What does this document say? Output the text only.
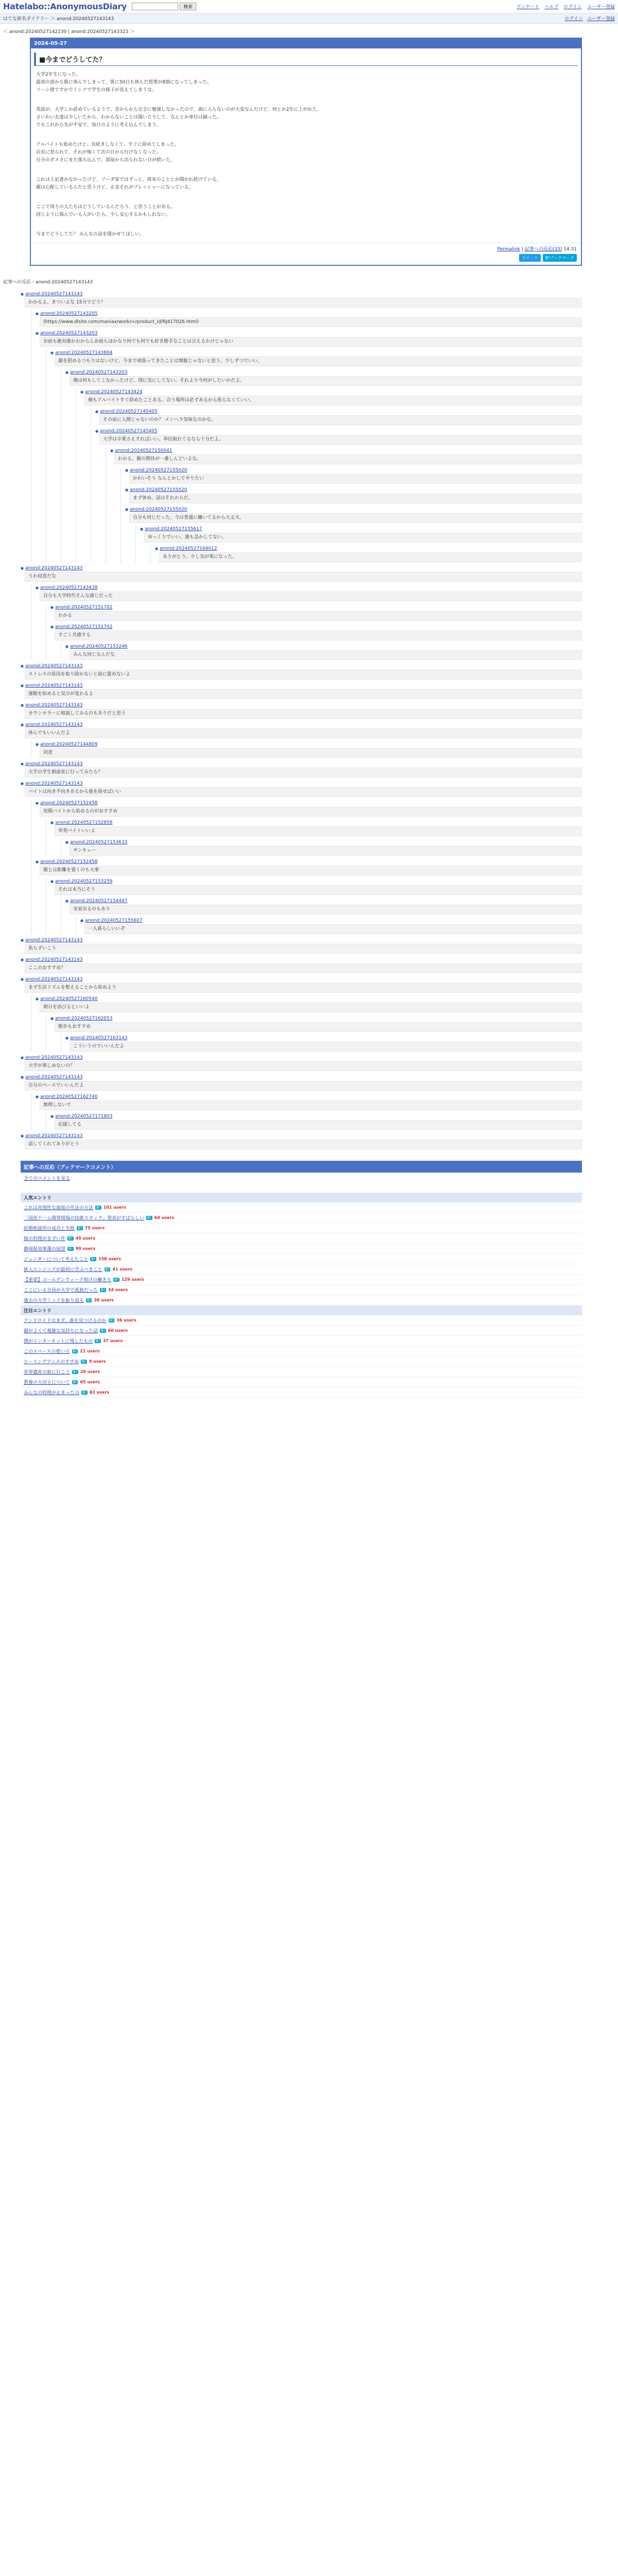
Hatelabo::AnonymousDiary	検索	アンケート ヘルプ ログイン ユーザー登録
はてな匿名ダイアリー ＞ anond:20240527143143	ログイン ユーザー登録
＜ anond:20240527142230 | anond:20240527143323 ＞
2024-05-27
■今までどうしてた？

大学2年生になった。

最初の波から既に休んでしまって、既に50日も休んだ授業が8割になってしまった。

ソーシ閉ですかでミシナで学生の様子が見えてしまうな。

英語が、大学しか読めているようで、昔からから完全に勉強しなかったので、頭に入らないのが大変なんだけど、何とか2年に上がれた。

さいわい友達は少しいたから、わからないことは聞いたりして、なんとか単位は揃った。

でもこれから先が不安で、毎日のように考え込んでしまう。

アルバイトも始めたけど、長続きしなくて、すぐに辞めてしまった。

店長に怒られて、それが怖くて次の日から行けなくなった。

自分のダメさにまた落ち込んで、部屋から出られない日が続いた。

これは上記書かなかったけど、ソーダ家ではずっと、将来のこととか聞かれ続けている。

親は心配しているんだと思うけど、正直それがプレッシャーになっている。

ここで周りの人たちはどうしているんだろう、と思うことがある。

同じように悩んでいる人がいたら、少し安心するかもしれない。

今までどうしてた？ みんなの話を聞かせてほしい。

Permalink | 記事への反応(33) 14:31
ツイート	B!ブックマーク
記事への反応 - anond:20240527143143
● anond:20240527143143
わかるよ。きついよな 15分でどう？
● anond:20240527143205
(https://www.dlsite.com/maniax/work/=/product_id/RJ417026.html)
● anond:20240527143203
お前も絶対誰かわからんお前らほかなり何でも何でも好き勝手なことは言えるわけじゃない
● anond:20240527143804
親を慰めるつもりはないけど、今まで頑張ってきたことは無駄じゃないと思う。少しずつでいい。
● anond:20240527143203
俺は何もしてこなかったけど、別に気にしてない。それより今何がしたいかだよ。
● anond:20240527143424
俺もアルバイトすぐ辞めたことある。合う場所は必ずあるから焦らなくていい。
● anond:20240527145405
その前に人間じゃないのか？ メンヘラ気味なのかな。
● anond:20240527145405
大学は卒業さえすればいい。単位取れてるなら十分だよ。
● anond:20240527150041
わかる。親の期待が一番しんどいよな。
● anond:20240527155020
かわいそう なんとかしてやりたい
● anond:20240527155020
まず休め。話はそれからだ。
● anond:20240527155020
自分も同じだった。今は普通に働いてるから大丈夫。
● anond:20240527155617
ゆっくりでいい。誰も急かしてない。
● anond:20240527164012
ありがとう。少し気が楽になった。
● anond:20240527143143
うわ同意だな
● anond:20240527143438
自分も大学時代そんな感じだった
● anond:20240527151702
わかる
● anond:20240527151702
すごく共感する
● anond:20240527153246
みんな同じなんだな
● anond:20240527143143
ストレスの原因を取り除かないと前に進めないよ
● anond:20240527143143
運動を始めると気分が変わるよ
● anond:20240527143143
カウンセラーに相談してみるのもありだと思う
● anond:20240527143143
休んでもいいんだよ
● anond:20240527144809
同意
● anond:20240527143143
大学の学生相談室に行ってみたら？
● anond:20240527143143
バイトは向き不向きあるから他を探せばいい
● anond:20240527152458
短期バイトから始めるのがおすすめ
● anond:20240527152858
単発バイトいいよ
● anond:20240527153633
サンキュー
● anond:20240527152458
親とは距離を置くのも大事
● anond:20240527153259
それは本当にそう
● anond:20240527154447
実家出るのもあり
● anond:20240527155607
一人暮らしいいぞ
● anond:20240527143143
焦らずいこう
● anond:20240527143143
ここのおすすめ？
● anond:20240527143143
まず生活リズムを整えることから始めよう
● anond:20240527160540
朝日を浴びるといいよ
● anond:20240527162053
散歩もおすすめ
● anond:20240527163143
こういうのでいいんだよ
● anond:20240527143143
大学が楽しめないの？
● anond:20240527143143
自分のペースでいいんだよ
● anond:20240527162740
無理しないで
● anond:20240527171803
応援してる
● anond:20240527143143
話してくれてありがとう
記事への反応（ブックマークコメント）
全てのコメントを見る
人気エントリ
これは再現性な面接の作法の方法 B! 101 users
「国産ゲーム開発現場の技術スタック」発表がすばらしい B! 64 users
結婚相談所の成功と失敗 B! 75 users
嫁の料理がまずい件 B! 49 users
静岡県知事選の展望 B! 90 users
ジェンダーについて考えたこと B! 158 users
新人エンジニアが最初に学ぶべきこと B! 41 users
【重要】ゴールデンウィーク明けの働き方 B! 129 users
ここにいる全員が大学で孤独だった B! 34 users
過去の大学ミッドを振り返る B! 36 users
注目エントリ
アンドロイドはまず、誰を見つけるのか B! 36 users
親がよくて複雑な気持ちになった話 B! 60 users
僕がインターネットに残したもの B! 37 users
このスペースの使い方 B! 21 users
ヒーリングアニメのすすめ B! 9 users
世界遺産の旅に行こう B! 26 users
教養の大切さについて B! 65 users
みんなの時間が止まった日 B! 82 users
